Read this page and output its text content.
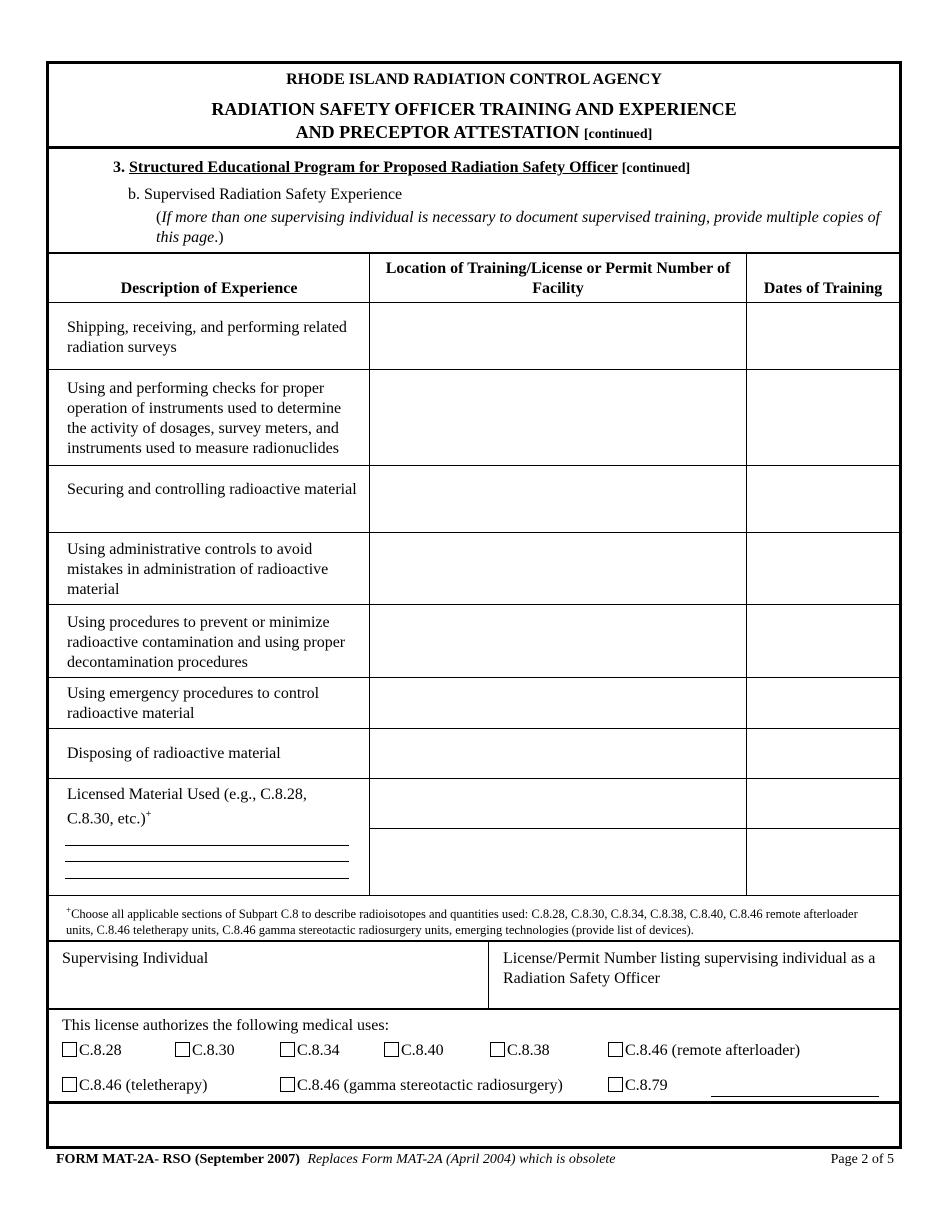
RHODE ISLAND RADIATION CONTROL AGENCY
RADIATION SAFETY OFFICER TRAINING AND EXPERIENCE
AND PRECEPTOR ATTESTATION [continued]
3. Structured Educational Program for Proposed Radiation Safety Officer [continued]
b. Supervised Radiation Safety Experience
(If more than one supervising individual is necessary to document supervised training, provide multiple copies of this page.)
Description of Experience
Location of Training/License or Permit Number of Facility	Dates of Training
Shipping, receiving, and performing related radiation surveys
Using and performing checks for proper operation of instruments used to determine the activity of dosages, survey meters, and instruments used to measure radionuclides
Securing and controlling radioactive material
Using administrative controls to avoid mistakes in administration of radioactive material
Using procedures to prevent or minimize radioactive contamination and using proper decontamination procedures
Using emergency procedures to control radioactive material
Disposing of radioactive material
Licensed Material Used (e.g., C.8.28, C.8.30, etc.)+
+Choose all applicable sections of Subpart C.8 to describe radioisotopes and quantities used: C.8.28, C.8.30, C.8.34, C.8.38, C.8.40, C.8.46 remote afterloader units, C.8.46 teletherapy units, C.8.46 gamma stereotactic radiosurgery units, emerging technologies (provide list of devices).
Supervising Individual	License/Permit Number listing supervising individual as a Radiation Safety Officer
This license authorizes the following medical uses:
C.8.28	C.8.30	C.8.34	C.8.40	C.8.38	C.8.46 (remote afterloader)
C.8.46 (teletherapy)	C.8.46 (gamma stereotactic radiosurgery)	C.8.79
FORM MAT-2A- RSO (September 2007) Replaces Form MAT-2A (April 2004) which is obsolete	Page 2 of 5
